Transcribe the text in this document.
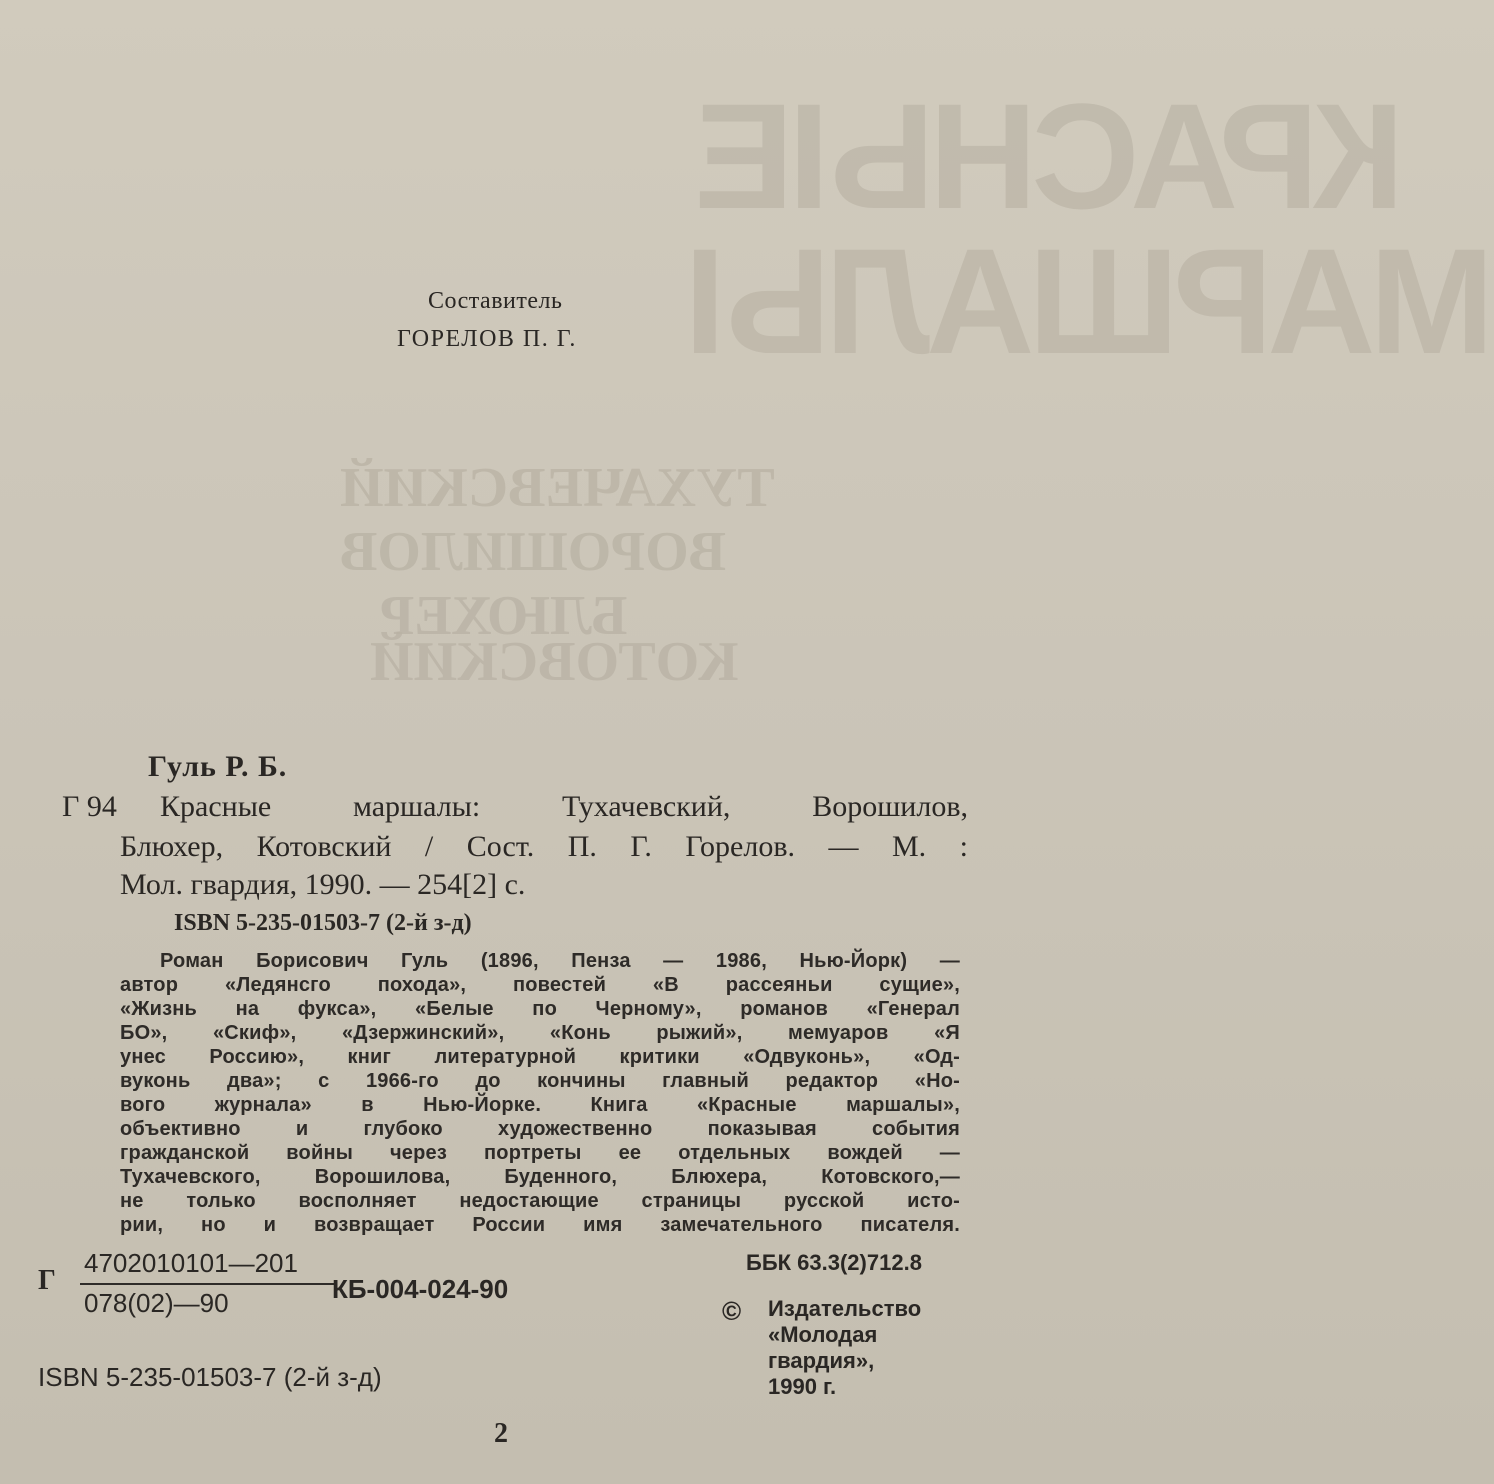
КРАСНЫЕ
МАРШАЛЫ
ТУХАЧЕВСКИЙ
ВОРОШИЛОВ
БЛЮХЕР
КОТОВСКИЙ
Составитель
ГОРЕЛОВ П. Г.
Гуль Р. Б.
Г 94 Красные маршалы: Тухачевский, Ворошилов,
Блюхер, Котовский / Сост. П. Г. Горелов. — М. :
Мол. гвардия, 1990. — 254[2] с.
ISBN 5-235-01503-7 (2-й з-д)
Роман Борисович Гуль (1896, Пенза — 1986, Нью-Йорк) —
автор «Ледянсго похода», повестей «В рассеяньи сущие»,
«Жизнь на фукса», «Белые по Черному», романов «Генерал
БО», «Скиф», «Дзержинский», «Конь рыжий», мемуаров «Я
унес Россию», книг литературной критики «Одвуконь», «Од-
вуконь два»; с 1966-го до кончины главный редактор «Но-
вого журнала» в Нью-Йорке. Книга «Красные маршалы»,
объективно и глубоко художественно показывая события
гражданской войны через портреты ее отдельных вождей —
Тухачевского, Ворошилова, Буденного, Блюхера, Котовского,—
не только восполняет недостающие страницы русской исто-
рии, но и возвращает России имя замечательного писателя.
Г
4702010101—201
078(02)—90	КБ-004-024-90
ББК 63.3(2)712.8
© Издательство
«Молодая
гвардия»,
1990 г.
ISBN 5-235-01503-7 (2-й з-д)
2
